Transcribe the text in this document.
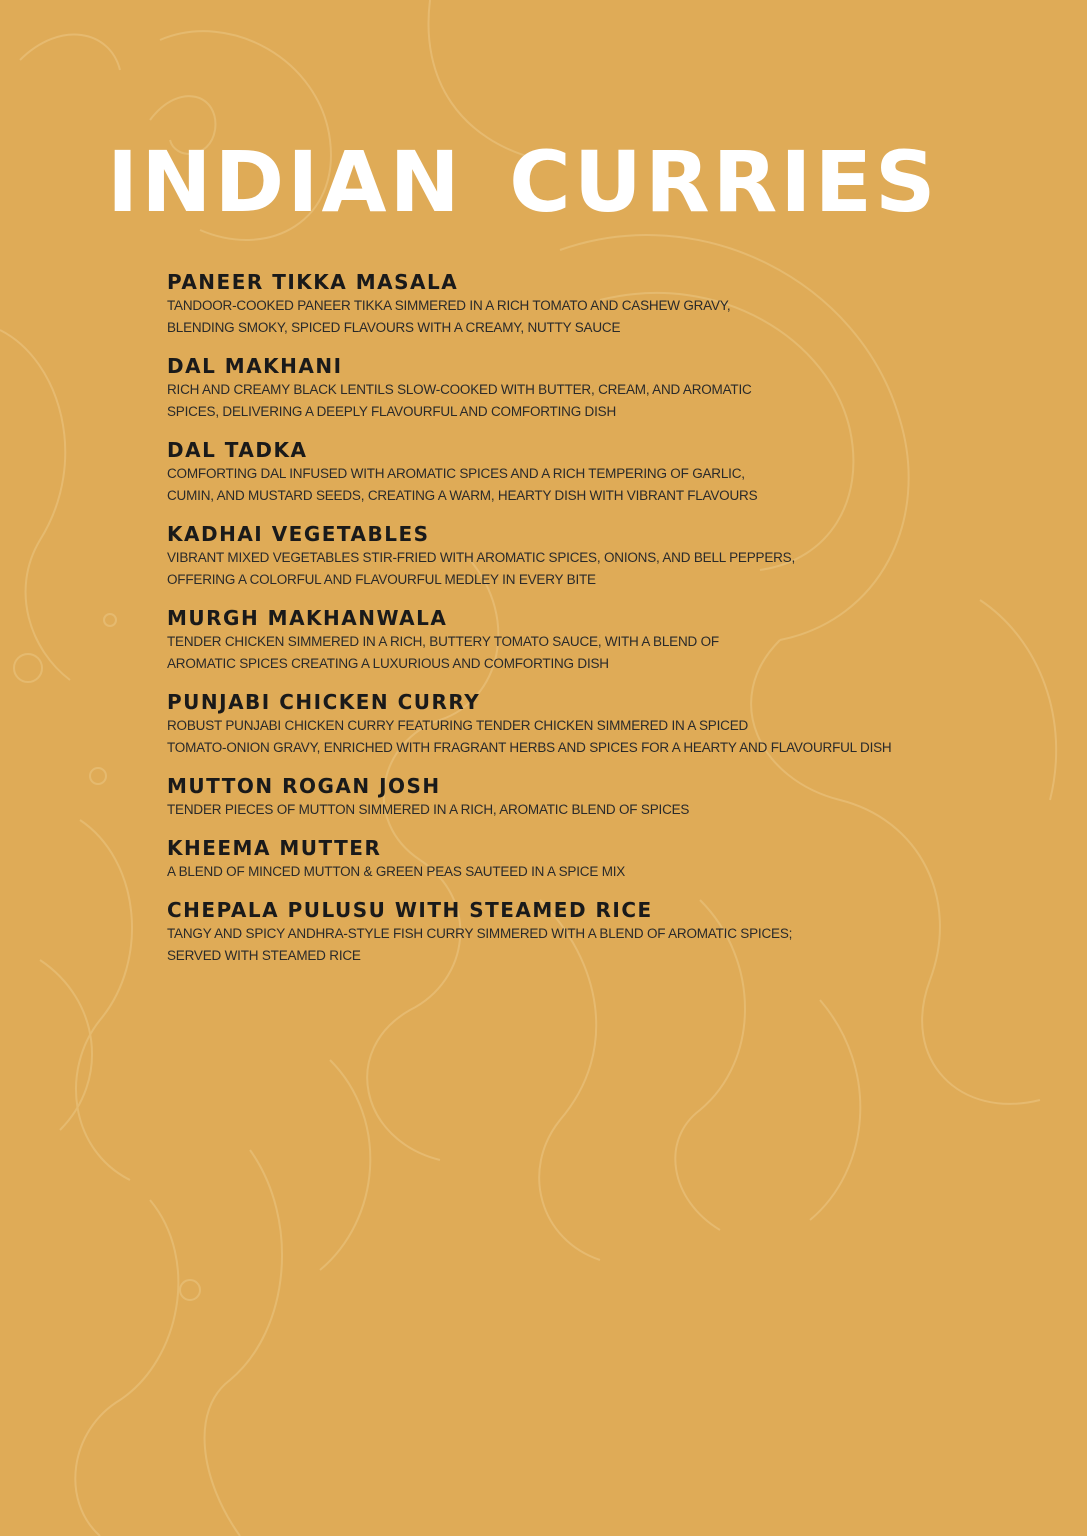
INDIAN CURRIES
PANEER TIKKA MASALA
TANDOOR-COOKED PANEER TIKKA SIMMERED IN A RICH TOMATO AND CASHEW GRAVY,
BLENDING SMOKY, SPICED FLAVOURS WITH A CREAMY, NUTTY SAUCE
DAL MAKHANI
RICH AND CREAMY BLACK LENTILS SLOW-COOKED WITH BUTTER, CREAM, AND AROMATIC
SPICES, DELIVERING A DEEPLY FLAVOURFUL AND COMFORTING DISH
DAL TADKA
COMFORTING DAL INFUSED WITH AROMATIC SPICES AND A RICH TEMPERING OF GARLIC,
CUMIN, AND MUSTARD SEEDS, CREATING A WARM, HEARTY DISH WITH VIBRANT FLAVOURS
KADHAI VEGETABLES
VIBRANT MIXED VEGETABLES STIR-FRIED WITH AROMATIC SPICES, ONIONS, AND BELL PEPPERS,
OFFERING A COLORFUL AND FLAVOURFUL MEDLEY IN EVERY BITE
MURGH MAKHANWALA
TENDER CHICKEN SIMMERED IN A RICH, BUTTERY TOMATO SAUCE, WITH A BLEND OF
AROMATIC SPICES CREATING A LUXURIOUS AND COMFORTING DISH
PUNJABI CHICKEN CURRY
ROBUST PUNJABI CHICKEN CURRY FEATURING TENDER CHICKEN SIMMERED IN A SPICED
TOMATO-ONION GRAVY, ENRICHED WITH FRAGRANT HERBS AND SPICES FOR A HEARTY AND FLAVOURFUL DISH
MUTTON ROGAN JOSH
TENDER PIECES OF MUTTON SIMMERED IN A RICH, AROMATIC BLEND OF SPICES
KHEEMA MUTTER
A BLEND OF MINCED MUTTON & GREEN PEAS SAUTEED IN A SPICE MIX
CHEPALA PULUSU WITH STEAMED RICE
TANGY AND SPICY ANDHRA-STYLE FISH CURRY SIMMERED WITH A BLEND OF AROMATIC SPICES;
SERVED WITH STEAMED RICE
